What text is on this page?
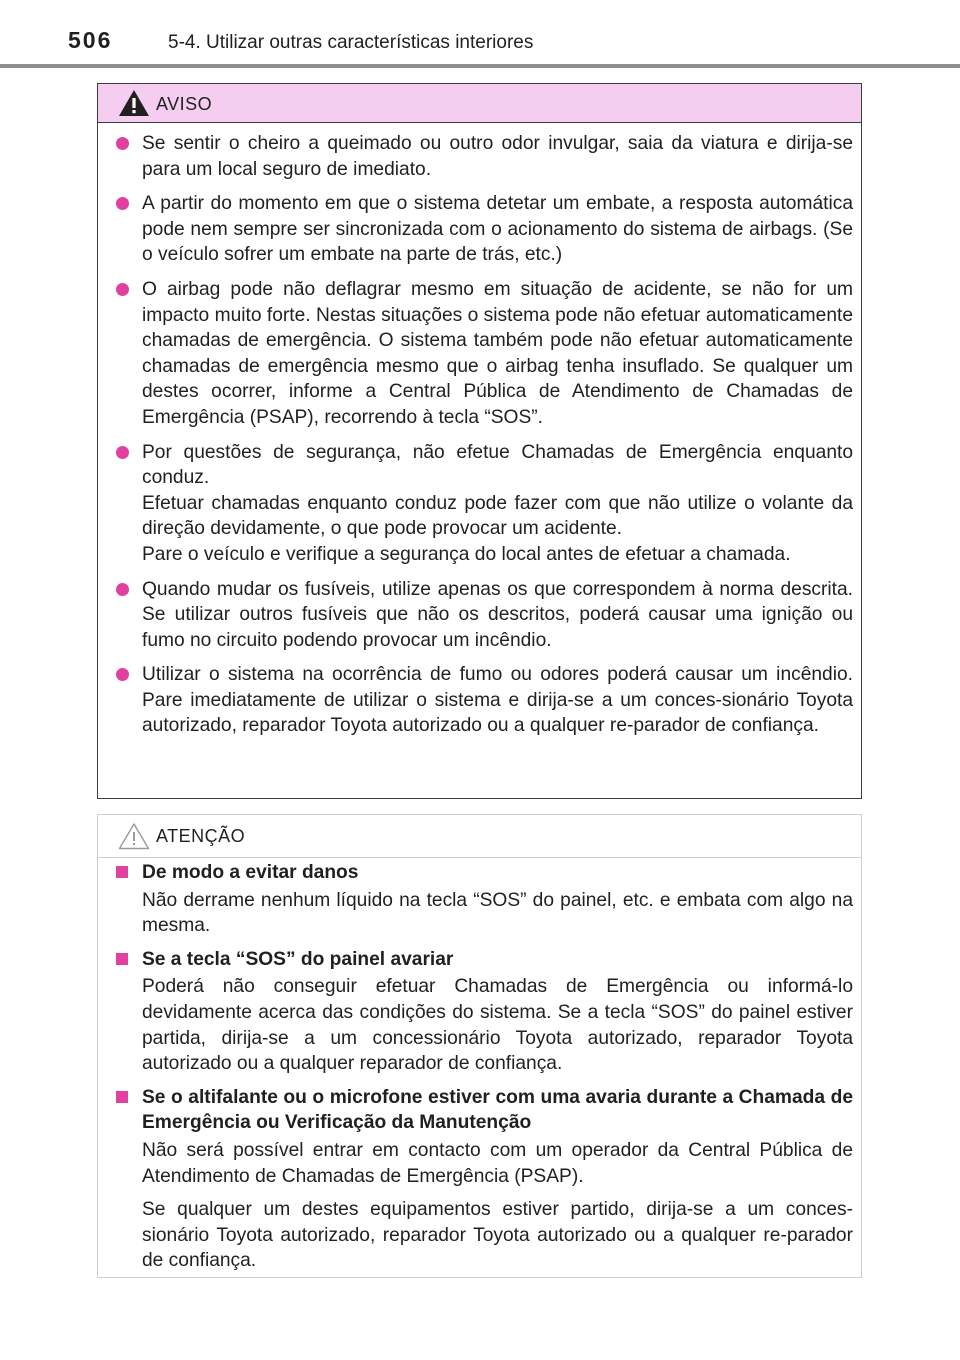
506	5-4. Utilizar outras características interiores
AVISO

Se sentir o cheiro a queimado ou outro odor invulgar, saia da viatura e dirija-se para um local seguro de imediato.

A partir do momento em que o sistema detetar um embate, a resposta automática pode nem sempre ser sincronizada com o acionamento do sistema de airbags. (Se o veículo sofrer um embate na parte de trás, etc.)

O airbag pode não deflagrar mesmo em situação de acidente, se não for um impacto muito forte. Nestas situações o sistema pode não efetuar automaticamente chamadas de emergência. O sistema também pode não efetuar automaticamente chamadas de emergência mesmo que o airbag tenha insuflado. Se qualquer um destes ocorrer, informe a Central Pública de Atendimento de Chamadas de Emergência (PSAP), recorrendo à tecla “SOS”.

Por questões de segurança, não efetue Chamadas de Emergência enquanto conduz.

Efetuar chamadas enquanto conduz pode fazer com que não utilize o volante da direção devidamente, o que pode provocar um acidente.

Pare o veículo e verifique a segurança do local antes de efetuar a chamada.

Quando mudar os fusíveis, utilize apenas os que correspondem à norma descrita. Se utilizar outros fusíveis que não os descritos, poderá causar uma ignição ou fumo no circuito podendo provocar um incêndio.

Utilizar o sistema na ocorrência de fumo ou odores poderá causar um incêndio. Pare imediatamente de utilizar o sistema e dirija-se a um conces-sionário Toyota autorizado, reparador Toyota autorizado ou a qualquer re-parador de confiança.

ATENÇÃO
De modo a evitar danos

Não derrame nenhum líquido na tecla “SOS” do painel, etc. e embata com algo na mesma.

Se a tecla “SOS” do painel avariar

Poderá não conseguir efetuar Chamadas de Emergência ou informá-lo devidamente acerca das condições do sistema. Se a tecla “SOS” do painel estiver partida, dirija-se a um concessionário Toyota autorizado, reparador Toyota autorizado ou a qualquer reparador de confiança.

Se o altifalante ou o microfone estiver com uma avaria durante a Chamada de Emergência ou Verificação da Manutenção

Não será possível entrar em contacto com um operador da Central Pública de Atendimento de Chamadas de Emergência (PSAP).

Se qualquer um destes equipamentos estiver partido, dirija-se a um conces-sionário Toyota autorizado, reparador Toyota autorizado ou a qualquer re-parador de confiança.
